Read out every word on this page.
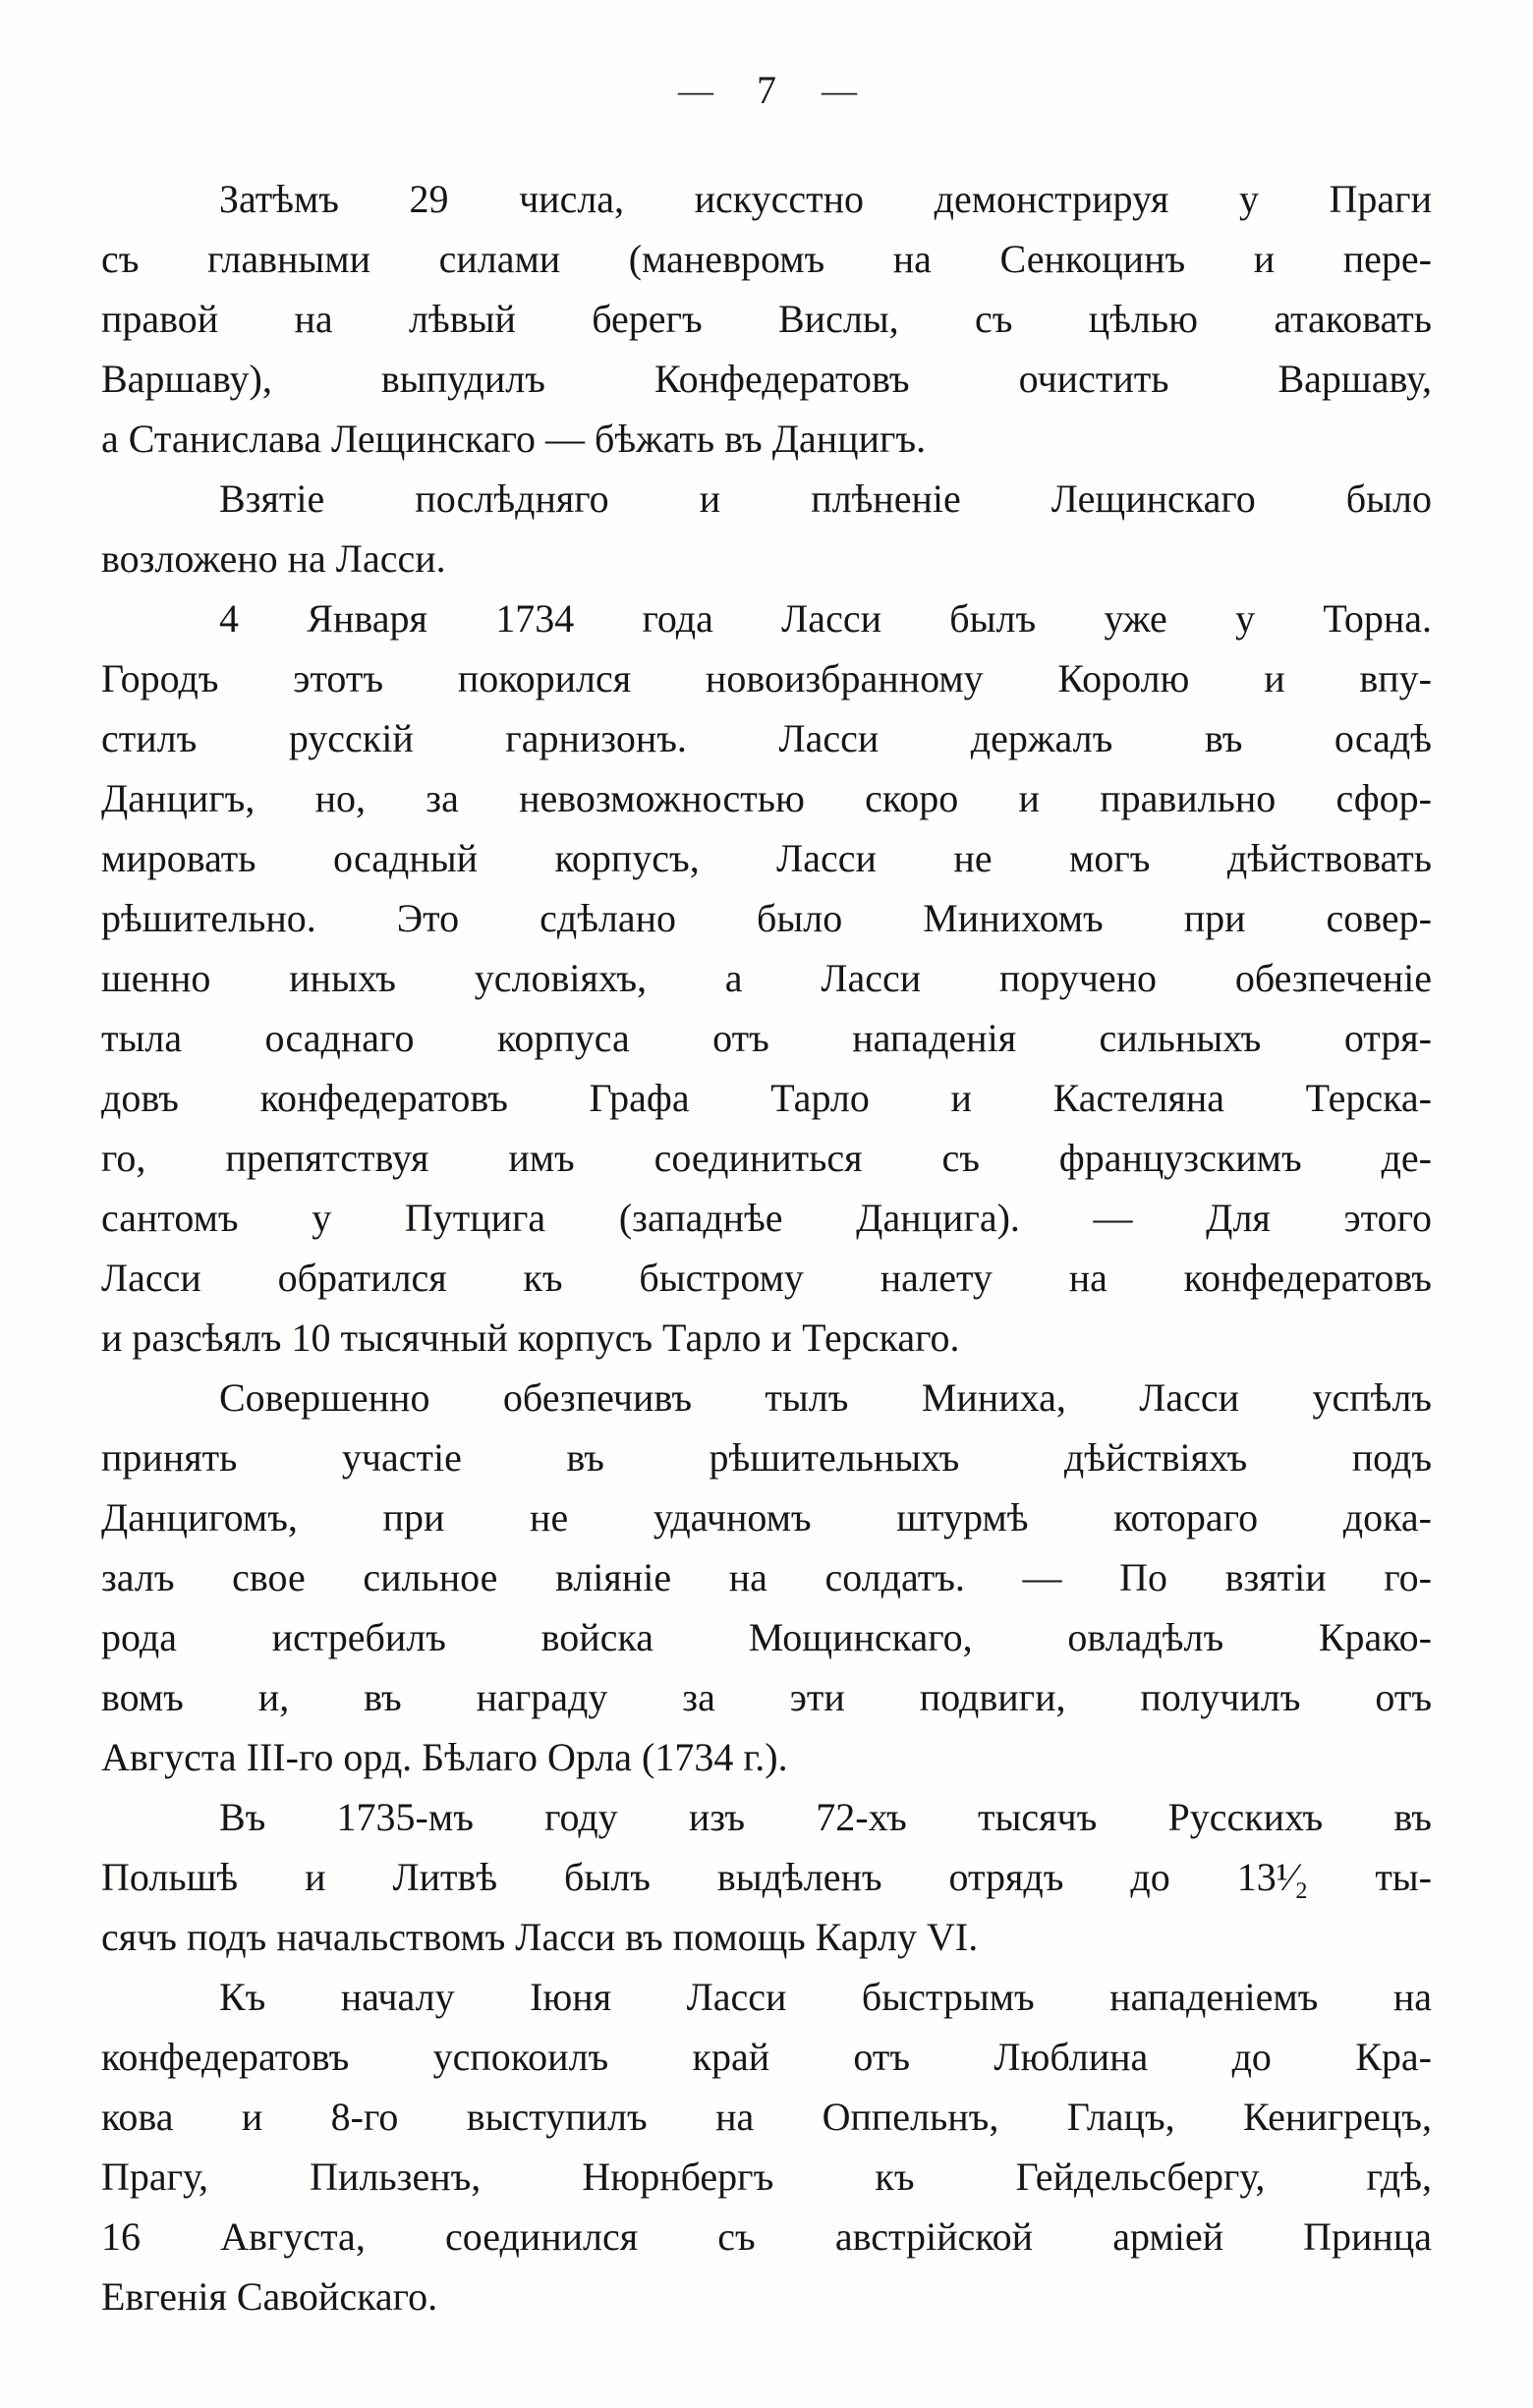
— 7 —
Затѣмъ 29 числа, искусстно демонстрируя у Праги
съ главными силами (маневромъ на Сенкоцинъ и пере-
правой на лѣвый берегъ Вислы, съ цѣлью атаковать
Варшаву), выпудилъ Конфедератовъ очистить Варшаву,
а Станислава Лещинскаго — бѣжать въ Данцигъ.
Взятіе послѣдняго и плѣненіе Лещинскаго было
возложено на Ласси.
4 Января 1734 года Ласси былъ уже у Торна.
Городъ этотъ покорился новоизбранному Королю и впу-
стилъ русскій гарнизонъ. Ласси держалъ въ осадѣ
Данцигъ, но, за невозможностью скоро и правильно сфор-
мировать осадный корпусъ, Ласси не могъ дѣйствовать
рѣшительно. Это сдѣлано было Минихомъ при совер-
шенно иныхъ условіяхъ, а Ласси поручено обезпеченіе
тыла осаднаго корпуса отъ нападенія сильныхъ отря-
довъ конфедератовъ Графа Тарло и Кастеляна Терска-
го, препятствуя имъ соединиться съ французскимъ де-
сантомъ у Путцига (западнѣе Данцига). — Для этого
Ласси обратился къ быстрому налету на конфедератовъ
и разсѣялъ 10 тысячный корпусъ Тарло и Терскаго.
Совершенно обезпечивъ тылъ Миниха, Ласси успѣлъ
принять участіе въ рѣшительныхъ дѣйствіяхъ подъ
Данцигомъ, при не удачномъ штурмѣ котораго дока-
залъ свое сильное вліяніе на солдатъ. — По взятіи го-
рода истребилъ войска Мощинскаго, овладѣлъ Крако-
вомъ и, въ награду за эти подвиги, получилъ отъ
Августа III-го орд. Бѣлаго Орла (1734 г.).
Въ 1735-мъ году изъ 72-хъ тысячъ Русскихъ въ
Польшѣ и Литвѣ былъ выдѣленъ отрядъ до 13¹⁄₂ ты-
сячъ подъ начальствомъ Ласси въ помощь Карлу VI.
Къ началу Іюня Ласси быстрымъ нападеніемъ на
конфедератовъ успокоилъ край отъ Люблина до Кра-
кова и 8-го выступилъ на Оппельнъ, Глацъ, Кенигрецъ,
Прагу, Пильзенъ, Нюрнбергъ къ Гейдельсбергу, гдѣ,
16 Августа, соединился съ австрійской арміей Принца
Евгенія Савойскаго.
